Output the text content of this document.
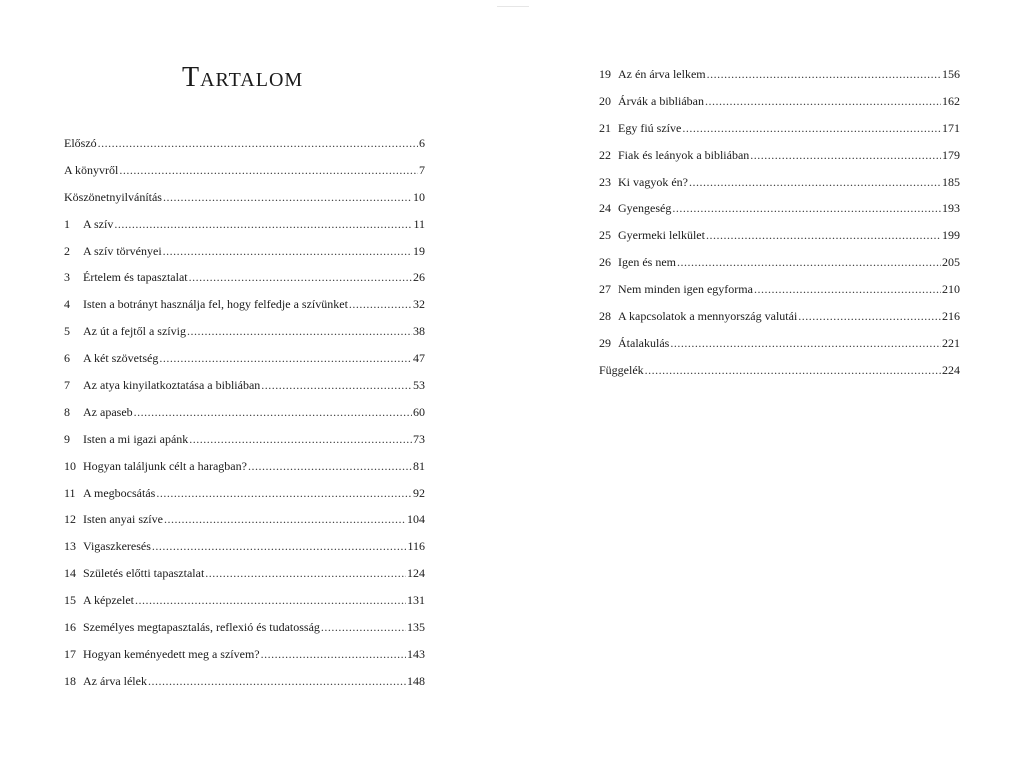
Tartalom
Előszó .....	6
A könyvről .....	7
Köszönetnyilvánítás .....	10
1 A szív .....	11
2 A szív törvényei .....	19
3 Értelem és tapasztalat .....	26
4 Isten a botrányt használja fel, hogy felfedje a szívünket .....	32
5 Az út a fejtől a szívig .....	38
6 A két szövetség .....	47
7 Az atya kinyilatkoztatása a bibliában .....	53
8 Az apaseb .....	60
9 Isten a mi igazi apánk .....	73
10 Hogyan találjunk célt a haragban? .....	81
11 A megbocsátás .....	92
12 Isten anyai szíve .....	104
13 Vigaszkeresés .....	116
14 Születés előtti tapasztalat .....	124
15 A képzelet .....	131
16 Személyes megtapasztalás, reflexió és tudatosság .....	135
17 Hogyan keményedett meg a szívem? .....	143
18 Az árva lélek .....	148
19 Az én árva lelkem .....	156
20 Árvák a bibliában .....	162
21 Egy fiú szíve .....	171
22 Fiak és leányok a bibliában .....	179
23 Ki vagyok én? .....	185
24 Gyengeség .....	193
25 Gyermeki lelkület .....	199
26 Igen és nem .....	205
27 Nem minden igen egyforma .....	210
28 A kapcsolatok a mennyország valutái .....	216
29 Átalakulás .....	221
Függelék .....	224
